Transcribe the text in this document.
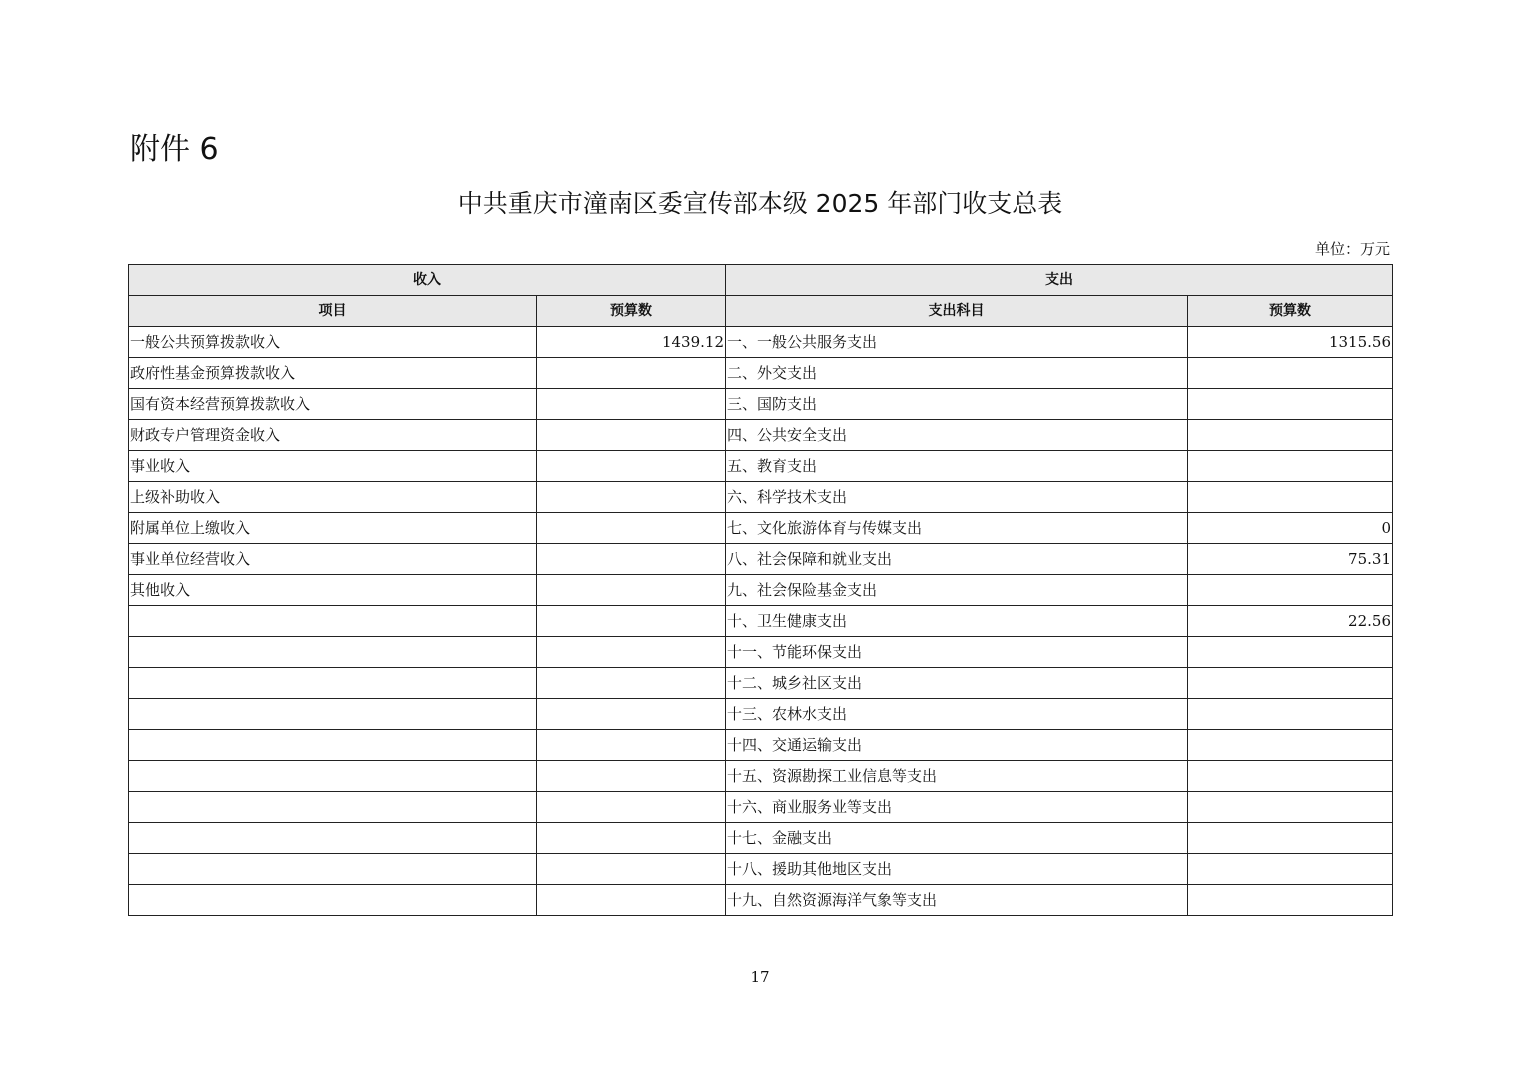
附件 6
中共重庆市潼南区委宣传部本级 2025 年部门收支总表
单位：万元
收入		支出	
项目	预算数	支出科目	预算数
一般公共预算拨款收入	1439.12	一、一般公共服务支出	1315.56
政府性基金预算拨款收入		二、外交支出	
国有资本经营预算拨款收入		三、国防支出	
财政专户管理资金收入		四、公共安全支出	
事业收入		五、教育支出	
上级补助收入		六、科学技术支出	
附属单位上缴收入		七、文化旅游体育与传媒支出	0
事业单位经营收入		八、社会保障和就业支出	75.31
其他收入		九、社会保险基金支出	
		十、卫生健康支出	22.56
		十一、节能环保支出	
		十二、城乡社区支出	
		十三、农林水支出	
		十四、交通运输支出	
		十五、资源勘探工业信息等支出	
		十六、商业服务业等支出	
		十七、金融支出	
		十八、援助其他地区支出	
		十九、自然资源海洋气象等支出	
17
